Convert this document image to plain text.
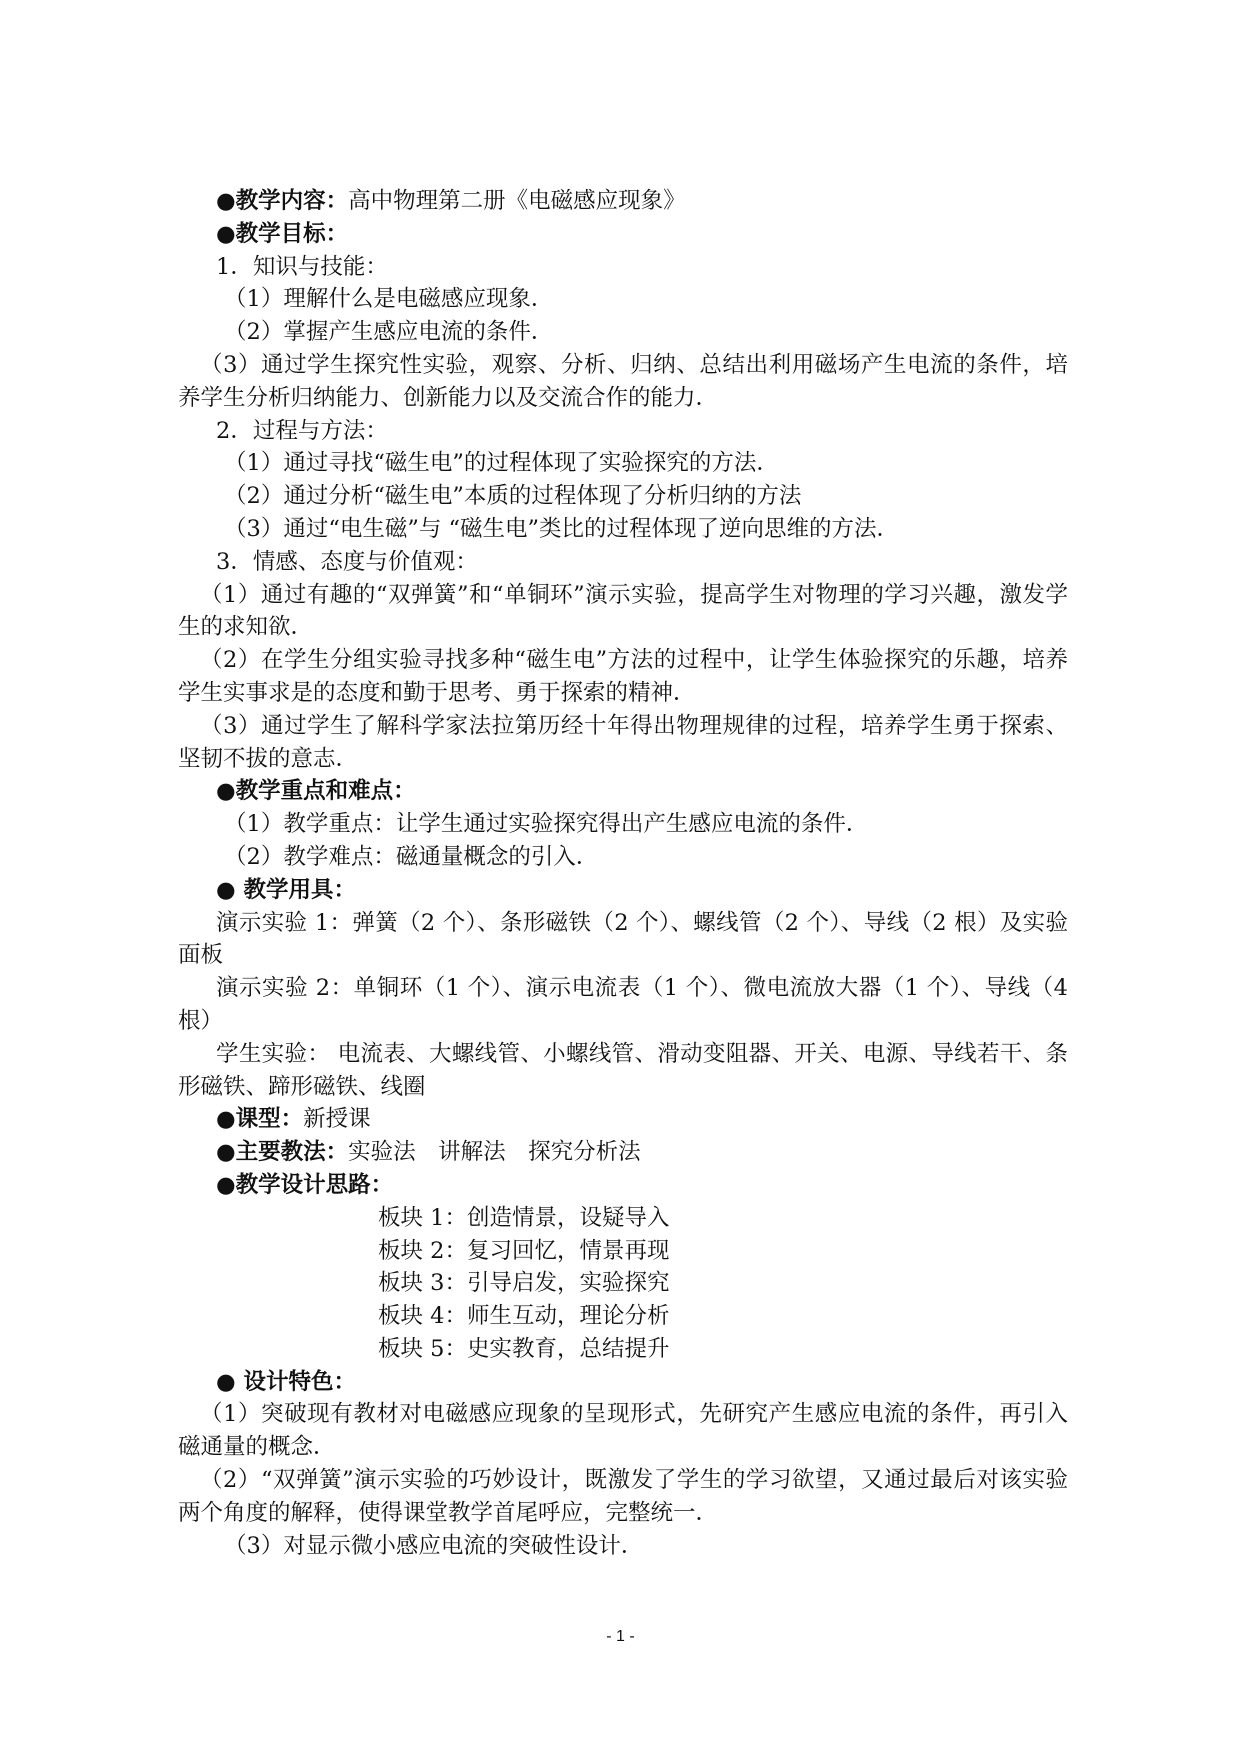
●教学内容：高中物理第二册《电磁感应现象》
●教学目标：
1．知识与技能：
（1）理解什么是电磁感应现象．
（2）掌握产生感应电流的条件．
（3）通过学生探究性实验，观察、分析、归纳、总结出利用磁场产生电流的条件，培养学生分析归纳能力、创新能力以及交流合作的能力．
2．过程与方法：
（1）通过寻找“磁生电”的过程体现了实验探究的方法．
（2）通过分析“磁生电”本质的过程体现了分析归纳的方法
（3）通过“电生磁”与 “磁生电”类比的过程体现了逆向思维的方法．
3．情感、态度与价值观：
（1）通过有趣的“双弹簧”和“单铜环”演示实验，提高学生对物理的学习兴趣，激发学生的求知欲．
（2）在学生分组实验寻找多种“磁生电”方法的过程中，让学生体验探究的乐趣，培养学生实事求是的态度和勤于思考、勇于探索的精神．
（3）通过学生了解科学家法拉第历经十年得出物理规律的过程，培养学生勇于探索、坚韧不拔的意志．
●教学重点和难点：
（1）教学重点：让学生通过实验探究得出产生感应电流的条件．
（2）教学难点：磁通量概念的引入．
● 教学用具：
演示实验 1：弹簧（2 个）、条形磁铁（2 个）、螺线管（2 个）、导线（2 根）及实验面板
演示实验 2：单铜环（1 个）、演示电流表（1 个）、微电流放大器（1 个）、导线（4 根）
学生实验： 电流表、大螺线管、小螺线管、滑动变阻器、开关、电源、导线若干、条形磁铁、蹄形磁铁、线圈
●课型：新授课
●主要教法：实验法　讲解法　探究分析法
●教学设计思路：
板块 1：创造情景，设疑导入
板块 2：复习回忆，情景再现
板块 3：引导启发，实验探究
板块 4：师生互动，理论分析
板块 5：史实教育，总结提升
● 设计特色：
（1）突破现有教材对电磁感应现象的呈现形式，先研究产生感应电流的条件，再引入磁通量的概念．
（2）“双弹簧”演示实验的巧妙设计，既激发了学生的学习欲望，又通过最后对该实验两个角度的解释，使得课堂教学首尾呼应，完整统一．
（3）对显示微小感应电流的突破性设计．
- 1 -
